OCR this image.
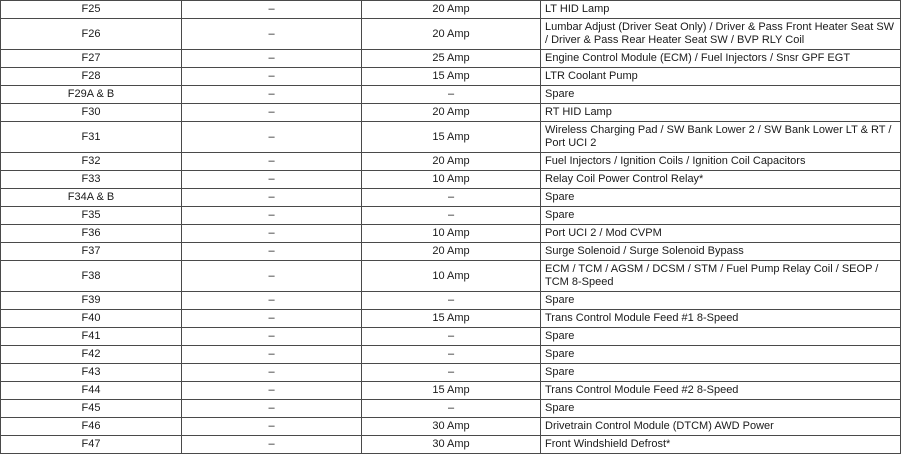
F25	–	20 Amp	LT HID Lamp
F26	–	20 Amp	Lumbar Adjust (Driver Seat Only) / Driver & Pass Front Heater Seat SW / Driver & Pass Rear Heater Seat SW / BVP RLY Coil
F27	–	25 Amp	Engine Control Module (ECM) / Fuel Injectors / Snsr GPF EGT
F28	–	15 Amp	LTR Coolant Pump
F29A & B	–	–	Spare
F30	–	20 Amp	RT HID Lamp
F31	–	15 Amp	Wireless Charging Pad / SW Bank Lower 2 / SW Bank Lower LT & RT / Port UCI 2
F32	–	20 Amp	Fuel Injectors / Ignition Coils / Ignition Coil Capacitors
F33	–	10 Amp	Relay Coil Power Control Relay*
F34A & B	–	–	Spare
F35	–	–	Spare
F36	–	10 Amp	Port UCI 2 / Mod CVPM
F37	–	20 Amp	Surge Solenoid / Surge Solenoid Bypass
F38	–	10 Amp	ECM / TCM / AGSM / DCSM / STM / Fuel Pump Relay Coil / SEOP / TCM 8-Speed
F39	–	–	Spare
F40	–	15 Amp	Trans Control Module Feed #1 8-Speed
F41	–	–	Spare
F42	–	–	Spare
F43	–	–	Spare
F44	–	15 Amp	Trans Control Module Feed #2 8-Speed
F45	–	–	Spare
F46	–	30 Amp	Drivetrain Control Module (DTCM) AWD Power
F47	–	30 Amp	Front Windshield Defrost*
